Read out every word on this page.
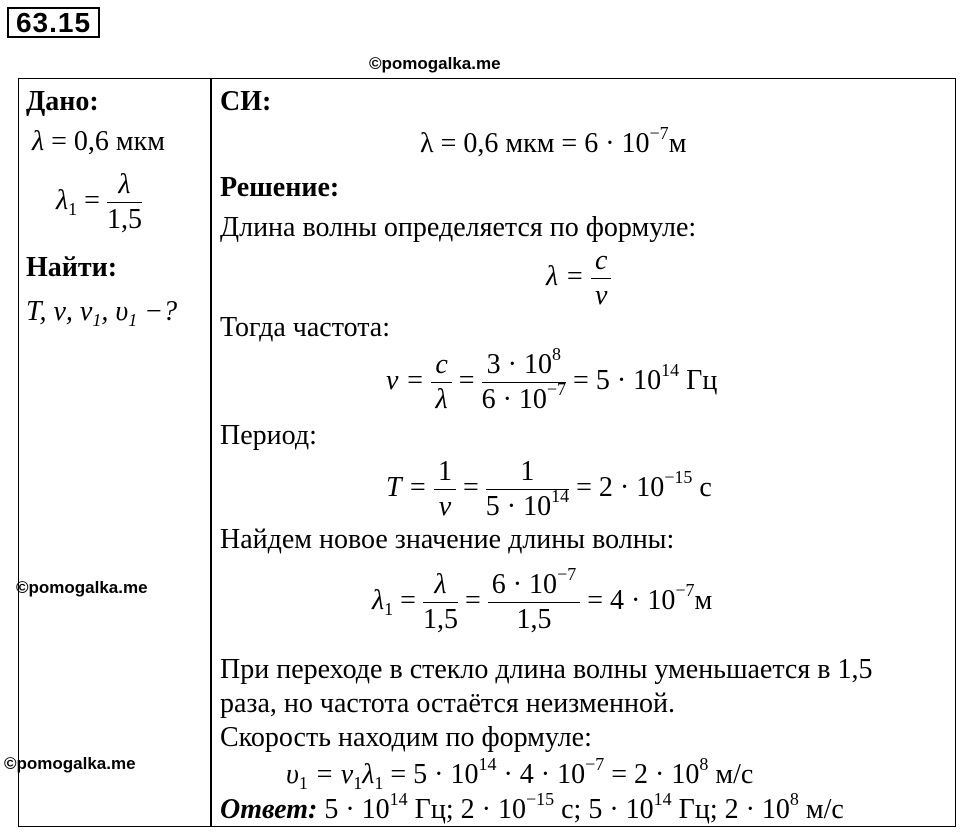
63.15
©pomogalka.me
Дано:
λ = 0,6 мкм
$\lambda_1 = \frac{\lambda}{1,5}$
Найти:
T, ν, $\nu_1$, $\upsilon_1$ −?
СИ:
λ = 0,6 мкм = $6 \cdot 10^{-7}м$
Решение:
Длина волны определяется по формуле:
$\lambda = \frac{c}{\nu}$
Тогда частота:
$\nu = \frac{c}{\lambda} = \frac{3 \cdot 10^8}{6 \cdot 10^{-7}} = 5 \cdot 10^{14}$ Гц
Период:
$T = \frac{1}{\nu} = \frac{1}{5 \cdot 10^{14}} = 2 \cdot 10^{-15}$ с
Найдем новое значение длины волны:
$\lambda_1 = \frac{\lambda}{1,5} = \frac{6 \cdot 10^{-7}}{1,5} = 4 \cdot 10^{-7}м$
При переходе в стекло длина волны уменьшается в 1,5
раза, но частота остаётся неизменной.
Скорость находим по формуле:
$\upsilon_1 = \nu_1\lambda_1 = 5 \cdot 10^{14} \cdot 4 \cdot 10^{-7} = 2 \cdot 10^8$ м/с
Ответ: $5 \cdot 10^{14}$ Гц; $2 \cdot 10^{-15}$ с; $5 \cdot 10^{14}$ Гц; $2 \cdot 10^8$ м/с
©pomogalka.me
©pomogalka.me
